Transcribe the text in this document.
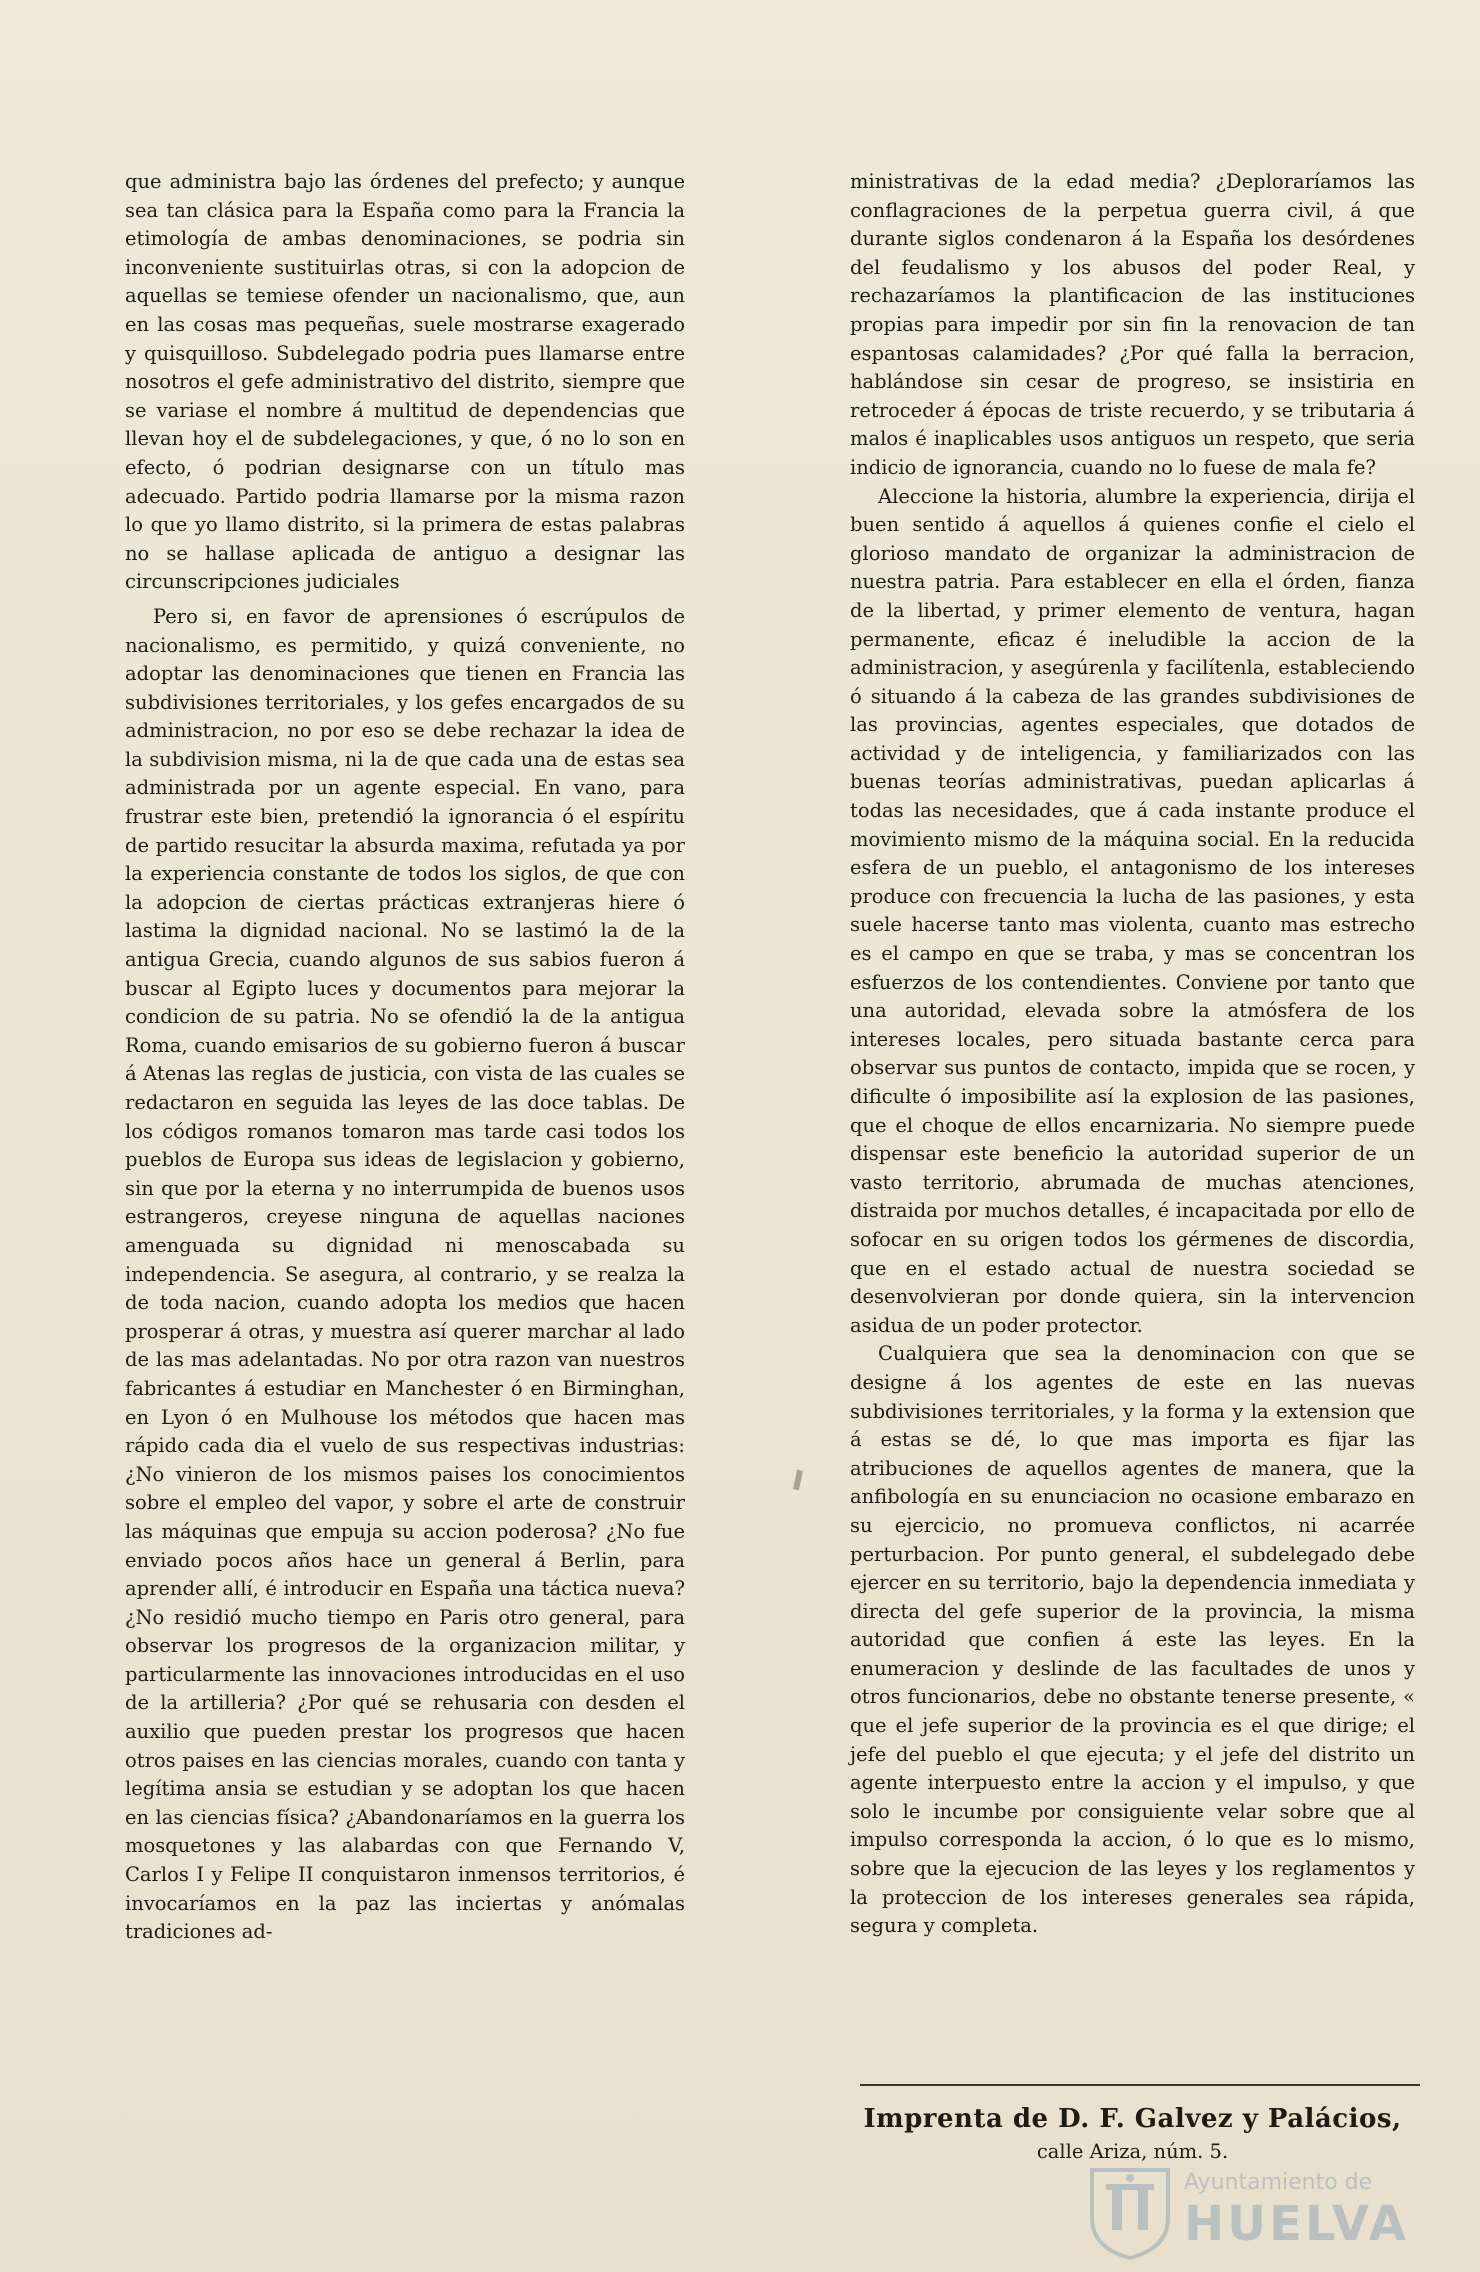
que administra bajo las órdenes del prefecto; y aunque sea tan clásica para la España como para la Francia la etimología de ambas denominaciones, se podria sin inconveniente sustituirlas otras, si con la adopcion de aquellas se temiese ofender un nacionalismo, que, aun en las cosas mas pequeñas, suele mostrarse exagerado y quisquilloso. Subdelegado podria pues llamarse entre nosotros el gefe administrativo del distrito, siempre que se variase el nombre á multitud de dependencias que llevan hoy el de subdelegaciones, y que, ó no lo son en efecto, ó podrian designarse con un título mas adecuado. Partido podria llamarse por la misma razon lo que yo llamo distrito, si la primera de estas palabras no se hallase aplicada de antiguo a designar las circunscripciones judiciales

Pero si, en favor de aprensiones ó escrúpulos de nacionalismo, es permitido, y quizá conveniente, no adoptar las denominaciones que tienen en Francia las subdivisiones territoriales, y los gefes encargados de su administracion, no por eso se debe rechazar la idea de la subdivision misma, ni la de que cada una de estas sea administrada por un agente especial. En vano, para frustrar este bien, pretendió la ignorancia ó el espíritu de partido resucitar la absurda maxima, refutada ya por la experiencia constante de todos los siglos, de que con la adopcion de ciertas prácticas extranjeras hiere ó lastima la dignidad nacional. No se lastimó la de la antigua Grecia, cuando algunos de sus sabios fueron á buscar al Egipto luces y documentos para mejorar la condicion de su patria. No se ofendió la de la antigua Roma, cuando emisarios de su gobierno fueron á buscar á Atenas las reglas de justicia, con vista de las cuales se redactaron en seguida las leyes de las doce tablas. De los códigos romanos tomaron mas tarde casi todos los pueblos de Europa sus ideas de legislacion y gobierno, sin que por la eterna y no interrumpida de buenos usos estrangeros, creyese ninguna de aquellas naciones amenguada su dignidad ni menoscabada su independencia. Se asegura, al contrario, y se realza la de toda nacion, cuando adopta los medios que hacen prosperar á otras, y muestra así querer marchar al lado de las mas adelantadas. No por otra razon van nuestros fabricantes á estudiar en Manchester ó en Birminghan, en Lyon ó en Mulhouse los métodos que hacen mas rápido cada dia el vuelo de sus respectivas industrias: ¿No vinieron de los mismos paises los conocimientos sobre el empleo del vapor, y sobre el arte de construir las máquinas que empuja su accion poderosa? ¿No fue enviado pocos años hace un general á Berlin, para aprender allí, é introducir en España una táctica nueva? ¿No residió mucho tiempo en Paris otro general, para observar los progresos de la organizacion militar, y particularmente las innovaciones introducidas en el uso de la artilleria? ¿Por qué se rehusaria con desden el auxilio que pueden prestar los progresos que hacen otros paises en las ciencias morales, cuando con tanta y legítima ansia se estudian y se adoptan los que hacen en las ciencias física? ¿Abandonaríamos en la guerra los mosquetones y las alabardas con que Fernando V, Carlos I y Felipe II conquistaron inmensos territorios, é invocaríamos en la paz las inciertas y anómalas tradiciones ad-

ministrativas de la edad media? ¿Deploraríamos las conflagraciones de la perpetua guerra civil, á que durante siglos condenaron á la España los desórdenes del feudalismo y los abusos del poder Real, y rechazaríamos la plantificacion de las instituciones propias para impedir por sin fin la renovacion de tan espantosas calamidades? ¿Por qué falla la berracion, hablándose sin cesar de progreso, se insistiria en retroceder á épocas de triste recuerdo, y se tributaria á malos é inaplicables usos antiguos un respeto, que seria indicio de ignorancia, cuando no lo fuese de mala fe?

Aleccione la historia, alumbre la experiencia, dirija el buen sentido á aquellos á quienes confie el cielo el glorioso mandato de organizar la administracion de nuestra patria. Para establecer en ella el órden, fianza de la libertad, y primer elemento de ventura, hagan permanente, eficaz é ineludible la accion de la administracion, y asegúrenla y facilítenla, estableciendo ó situando á la cabeza de las grandes subdivisiones de las provincias, agentes especiales, que dotados de actividad y de inteligencia, y familiarizados con las buenas teorías administrativas, puedan aplicarlas á todas las necesidades, que á cada instante produce el movimiento mismo de la máquina social. En la reducida esfera de un pueblo, el antagonismo de los intereses produce con frecuencia la lucha de las pasiones, y esta suele hacerse tanto mas violenta, cuanto mas estrecho es el campo en que se traba, y mas se concentran los esfuerzos de los contendientes. Conviene por tanto que una autoridad, elevada sobre la atmósfera de los intereses locales, pero situada bastante cerca para observar sus puntos de contacto, impida que se rocen, y dificulte ó imposibilite así la explosion de las pasiones, que el choque de ellos encarnizaria. No siempre puede dispensar este beneficio la autoridad superior de un vasto territorio, abrumada de muchas atenciones, distraida por muchos detalles, é incapacitada por ello de sofocar en su origen todos los gérmenes de discordia, que en el estado actual de nuestra sociedad se desenvolvieran por donde quiera, sin la intervencion asidua de un poder protector.

Cualquiera que sea la denominacion con que se designe á los agentes de este en las nuevas subdivisiones territoriales, y la forma y la extension que á estas se dé, lo que mas importa es fijar las atribuciones de aquellos agentes de manera, que la anfibología en su enunciacion no ocasione embarazo en su ejercicio, no promueva conflictos, ni acarrée perturbacion. Por punto general, el subdelegado debe ejercer en su territorio, bajo la dependencia inmediata y directa del gefe superior de la provincia, la misma autoridad que confien á este las leyes. En la enumeracion y deslinde de las facultades de unos y otros funcionarios, debe no obstante tenerse presente, « que el jefe superior de la provincia es el que dirige; el jefe del pueblo el que ejecuta; y el jefe del distrito un agente interpuesto entre la accion y el impulso, y que solo le incumbe por consiguiente velar sobre que al impulso corresponda la accion, ó lo que es lo mismo, sobre que la ejecucion de las leyes y los reglamentos y la proteccion de los intereses generales sea rápida, segura y completa.

Imprenta de D. F. Galvez y Palácios,
calle Ariza, núm. 5.
Ayuntamiento de
HUELVA
